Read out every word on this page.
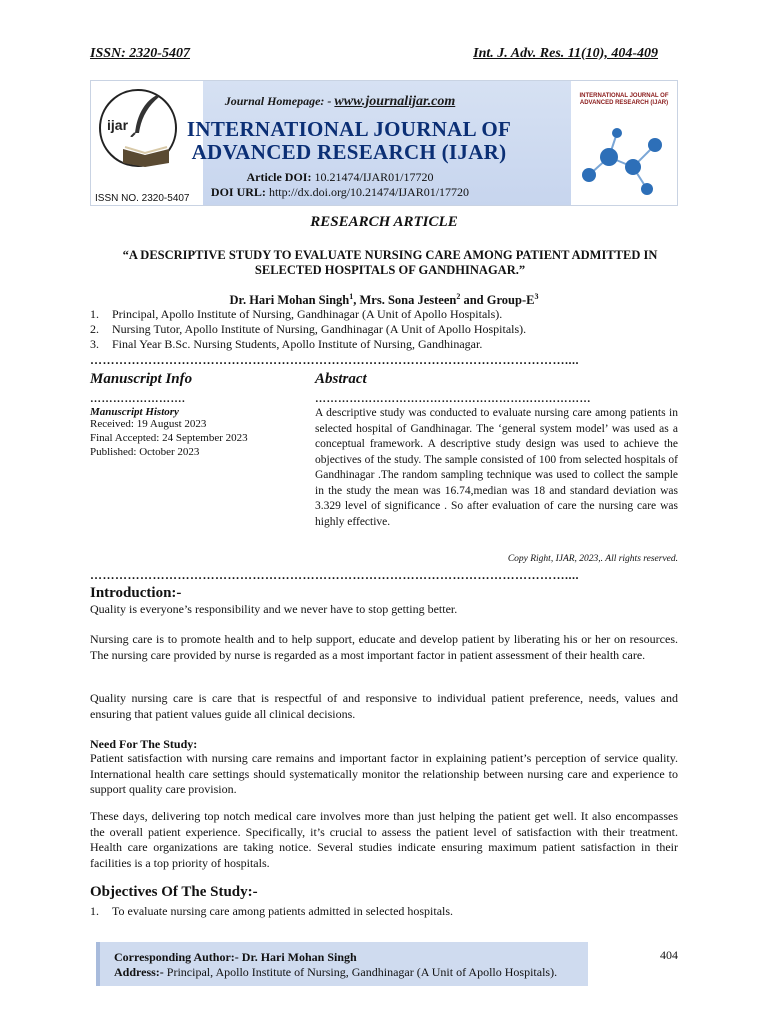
ISSN: 2320-5407	Int. J. Adv. Res. 11(10), 404-409
ijar
ISSN NO. 2320-5407
INTERNATIONAL JOURNAL OF ADVANCED RESEARCH (IJAR)
Journal Homepage: - www.journalijar.com
INTERNATIONAL JOURNAL OF
ADVANCED RESEARCH (IJAR)
Article DOI: 10.21474/IJAR01/17720
DOI URL: http://dx.doi.org/10.21474/IJAR01/17720
RESEARCH ARTICLE
“A DESCRIPTIVE STUDY TO EVALUATE NURSING CARE AMONG PATIENT ADMITTED IN
SELECTED HOSPITALS OF GANDHINAGAR.”
Dr. Hari Mohan Singh$^1$, Mrs. Sona Jesteen$^2$ and Group-$E^3$
1. Principal, Apollo Institute of Nursing, Gandhinagar (A Unit of Apollo Hospitals).
2. Nursing Tutor, Apollo Institute of Nursing, Gandhinagar (A Unit of Apollo Hospitals).
3. Final Year B.Sc. Nursing Students, Apollo Institute of Nursing, Gandhinagar.
……………………………………………………………………………………………………....
Manuscript Info	Abstract
…………………….	………………………………………………………………
Manuscript History
Received: 19 August 2023
Final Accepted: 24 September 2023
Published: October 2023
A descriptive study was conducted to evaluate nursing care among patients in selected hospital of Gandhinagar. The ‘general system model’ was used as a conceptual framework. A descriptive study design was used to achieve the objectives of the study. The sample consisted of 100 from selected hospitals of Gandhinagar .The random sampling technique was used to collect the sample in the study the mean was 16.74,median was 18 and standard deviation was 3.329 level of significance . So after evaluation of care the nursing care was highly effective.
Copy Right, IJAR, 2023,. All rights reserved.
……………………………………………………………………………………………………....
Introduction:-
Quality is everyone’s responsibility and we never have to stop getting better.
Nursing care is to promote health and to help support, educate and develop patient by liberating his or her on resources. The nursing care provided by nurse is regarded as a most important factor in patient assessment of their health care.
Quality nursing care is care that is respectful of and responsive to individual patient preference, needs, values and ensuring that patient values guide all clinical decisions.
Need For The Study:
Patient satisfaction with nursing care remains and important factor in explaining patient’s perception of service quality. International health care settings should systematically monitor the relationship between nursing care and experience to support quality care provision.
These days, delivering top notch medical care involves more than just helping the patient get well. It also encompasses the overall patient experience. Specifically, it’s crucial to assess the patient level of satisfaction with their treatment. Health care organizations are taking notice. Several studies indicate ensuring maximum patient satisfaction in their facilities is a top priority of hospitals.
Objectives Of The Study:-
1. To evaluate nursing care among patients admitted in selected hospitals.
Corresponding Author:- Dr. Hari Mohan Singh
Address:- Principal, Apollo Institute of Nursing, Gandhinagar (A Unit of Apollo Hospitals).
404
